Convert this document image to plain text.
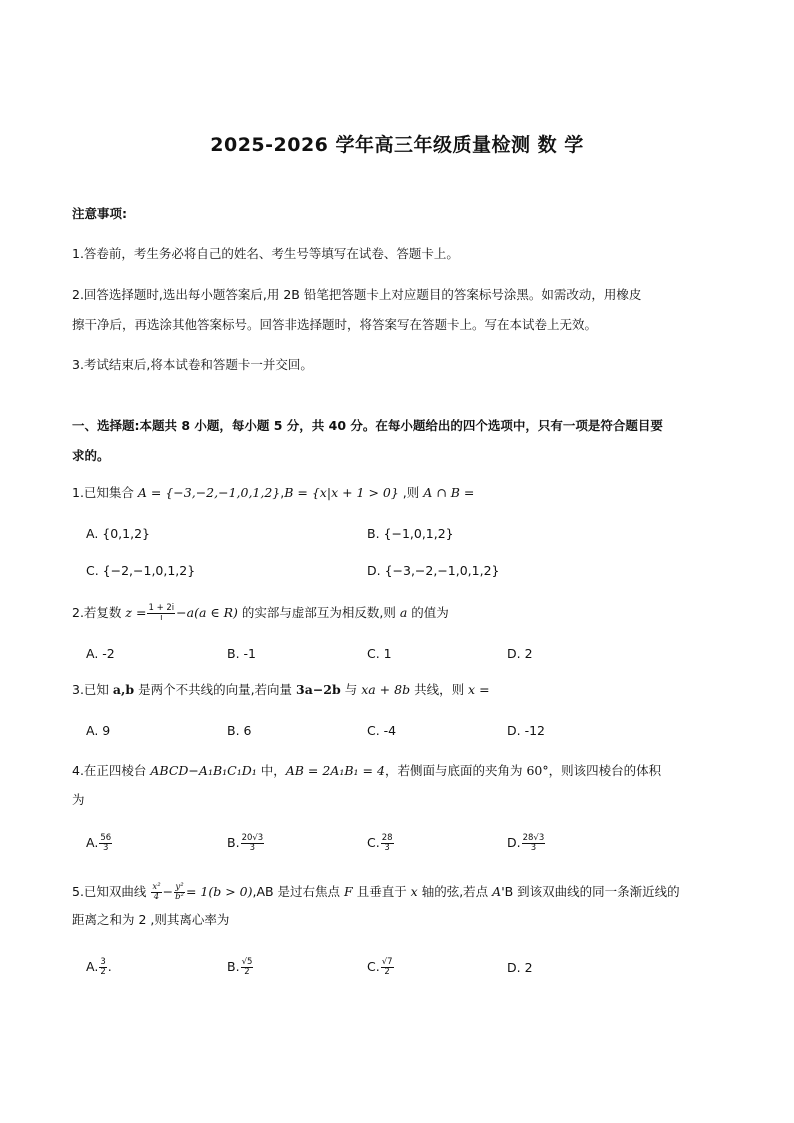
2025-2026 学年高三年级质量检测 数 学
注意事项:
1.答卷前，考生务必将自己的姓名、考生号等填写在试卷、答题卡上。
2.回答选择题时,选出每小题答案后,用 2B 铅笔把答题卡上对应题目的答案标号涂黑。如需改动，用橡皮
擦干净后，再选涂其他答案标号。回答非选择题时，将答案写在答题卡上。写在本试卷上无效。
3.考试结束后,将本试卷和答题卡一并交回。
一、选择题:本题共 8 小题，每小题 5 分，共 40 分。在每小题给出的四个选项中，只有一项是符合题目要
求的。
1.已知集合 A = {−3,−2,−1,0,1,2},B = {x|x + 1 > 0} ,则 A ∩ B =
A. {0,1,2}	B. {−1,0,1,2}
C. {−2,−1,0,1,2}	D. {−3,−2,−1,0,1,2}
2.若复数 $z = \frac{1 + 2i}{i} -a(a$ ∈ R) 的实部与虚部互为相反数,则 a 的值为
A. -2	B. -1	C. 1	D. 2
3.已知 a,b 是两个不共线的向量,若向量 3a−2b 与 xa + 8b 共线，则 x =
A. 9	B. 6	C. -4	D. -12
4.在正四棱台 ABCD−A₁B₁C₁D₁ 中，AB = 2A₁B₁ = 4，若侧面与底面的夹角为 60°，则该四棱台的体积
为
A. $\frac{56}{3}$	B. $\frac{20√3}{3}$	C. $\frac{28}{3}$	D. $\frac{28√3}{3}$
5.已知双曲线 $\frac{\text{x²}}{4} - \frac{\text{y²}}{\text{b²}} = 1(b > 0),AB$ 是过右焦点 F 且垂直于 x 轴的弦,若点 A'B 到该双曲线的同一条渐近线的
距离之和为 2 ,则其离心率为
A. $\frac{3}{2}$ .	B. $\frac{√5}{2}$	C. $\frac{√7}{2}$	D. 2
